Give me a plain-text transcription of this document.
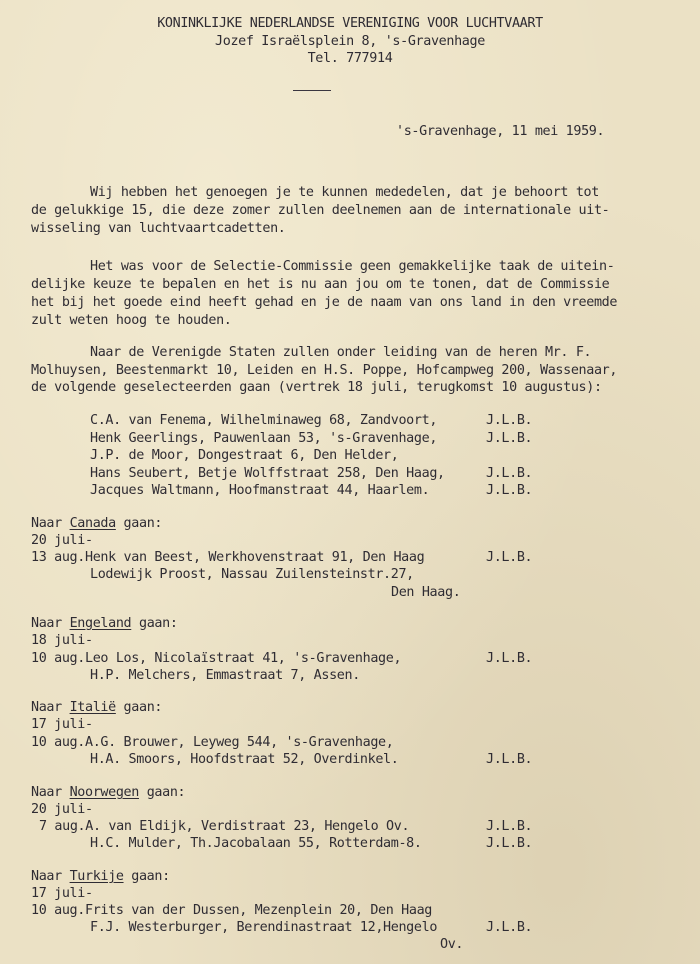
KONINKLIJKE NEDERLANDSE VERENIGING VOOR LUCHTVAART
Jozef Israëlsplein 8, 's-Gravenhage
Tel. 777914
's-Gravenhage, 11 mei 1959.
Wij hebben het genoegen je te kunnen mededelen, dat je behoort tot
de gelukkige 15, die deze zomer zullen deelnemen aan de internationale uit-
wisseling van luchtvaartcadetten.
Het was voor de Selectie-Commissie geen gemakkelijke taak de uitein-
delijke keuze te bepalen en het is nu aan jou om te tonen, dat de Commissie
het bij het goede eind heeft gehad en je de naam van ons land in den vreemde
zult weten hoog te houden.
Naar de Verenigde Staten zullen onder leiding van de heren Mr. F.
Molhuysen, Beestenmarkt 10, Leiden en H.S. Poppe, Hofcampweg 200, Wassenaar,
de volgende geselecteerden gaan (vertrek 18 juli, terugkomst 10 augustus):
C.A. van Fenema, Wilhelminaweg 68, Zandvoort,	J.L.B.
Henk Geerlings, Pauwenlaan 53, 's-Gravenhage,	J.L.B.
J.P. de Moor, Dongestraat 6, Den Helder,
Hans Seubert, Betje Wolffstraat 258, Den Haag,	J.L.B.
Jacques Waltmann, Hoofmanstraat 44, Haarlem.	J.L.B.
Naar Canada gaan:
20 juli-
13 aug.Henk van Beest, Werkhovenstraat 91, Den Haag	J.L.B.
Lodewijk Proost, Nassau Zuilensteinstr.27,
Den Haag.
Naar Engeland gaan:
18 juli-
10 aug.Leo Los, Nicolaïstraat 41, 's-Gravenhage,	J.L.B.
H.P. Melchers, Emmastraat 7, Assen.
Naar Italië gaan:
17 juli-
10 aug.A.G. Brouwer, Leyweg 544, 's-Gravenhage,
H.A. Smoors, Hoofdstraat 52, Overdinkel.	J.L.B.
Naar Noorwegen gaan:
20 juli-
7 aug.A. van Eldijk, Verdistraat 23, Hengelo Ov.	J.L.B.
H.C. Mulder, Th.Jacobalaan 55, Rotterdam-8.	J.L.B.
Naar Turkije gaan:
17 juli-
10 aug.Frits van der Dussen, Mezenplein 20, Den Haag
F.J. Westerburger, Berendinastraat 12,Hengelo	J.L.B.
Ov.
